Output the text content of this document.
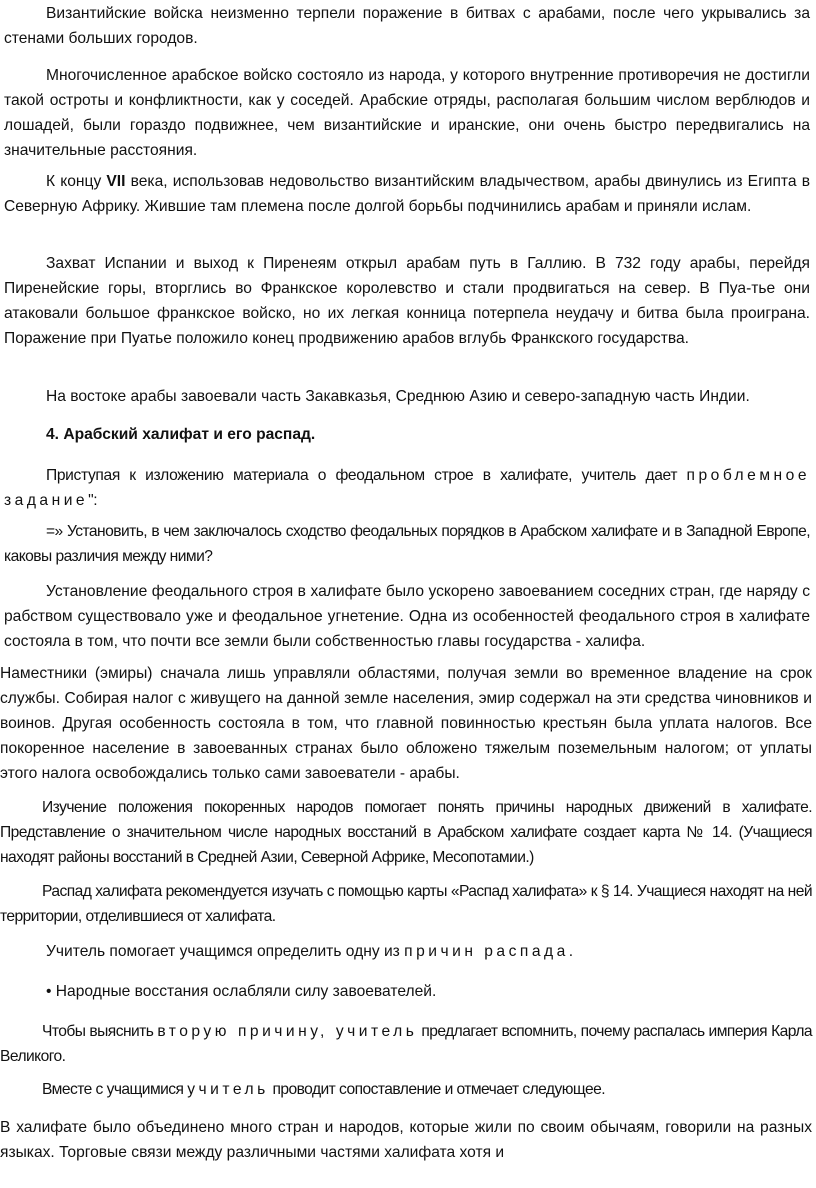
Византийские войска неизменно терпели поражение в битвах с арабами, после чего укрывались за стенами больших городов.

Многочисленное арабское войско состояло из народа, у которого внутренние противоречия не достигли такой остроты и конфликтности, как у соседей. Арабские отряды, располагая большим числом верблюдов и лошадей, были гораздо подвижнее, чем византийские и иранские, они очень быстро передвигались на значительные расстояния.

К концу VII века, использовав недовольство византийским владычеством, арабы двинулись из Египта в Северную Африку. Жившие там племена после долгой борьбы подчинились арабам и приняли ислам.

Захват Испании и выход к Пиренеям открыл арабам путь в Галлию. В 732 году арабы, перейдя Пиренейские горы, вторглись во Франкское королевство и стали продвигаться на север. В Пуа-тье они атаковали большое франкское войско, но их легкая конница потерпела неудачу и битва была проиграна. Поражение при Пуатье положило конец продвижению арабов вглубь Франкского государства.

На востоке арабы завоевали часть Закавказья, Среднюю Азию и северо-западную часть Индии.

4. Арабский халифат и его распад.

Приступая к изложению материала о феодальном строе в халифате, учитель дает проблемное задание":

=» Установить, в чем заключалось сходство феодальных порядков в Арабском халифате и в Западной Европе, каковы различия между ними?

Установление феодального строя в халифате было ускорено завоеванием соседних стран, где наряду с рабством существовало уже и феодальное угнетение. Одна из особенностей феодального строя в халифате состояла в том, что почти все земли были собственностью главы государства - халифа.

Наместники (эмиры) сначала лишь управляли областями, получая земли во временное владение на срок службы. Собирая налог с живущего на данной земле населения, эмир содержал на эти средства чиновников и воинов. Другая особенность состояла в том, что главной повинностью крестьян была уплата налогов. Все покоренное население в завоеванных странах было обложено тяжелым поземельным налогом; от уплаты этого налога освобождались только сами завоеватели - арабы.

Изучение положения покоренных народов помогает понять причины народных движений в халифате. Представление о значительном числе народных восстаний в Арабском халифате создает карта № 14. (Учащиеся находят районы восстаний в Средней Азии, Северной Африке, Месопотамии.)

Распад халифата рекомендуется изучать с помощью карты «Распад халифата» к § 14. Учащиеся находят на ней территории, отделившиеся от халифата.

Учитель помогает учащимся определить одну из причин распада.

• Народные восстания ослабляли силу завоевателей.

Чтобы выяснить вторую причину, учитель предлагает вспомнить, почему распалась империя Карла Великого.

Вместе с учащимися учитель проводит сопоставление и отмечает следующее.

В халифате было объединено много стран и народов, которые жили по своим обычаям, говорили на разных языках. Торговые связи между различными частями халифата хотя и
